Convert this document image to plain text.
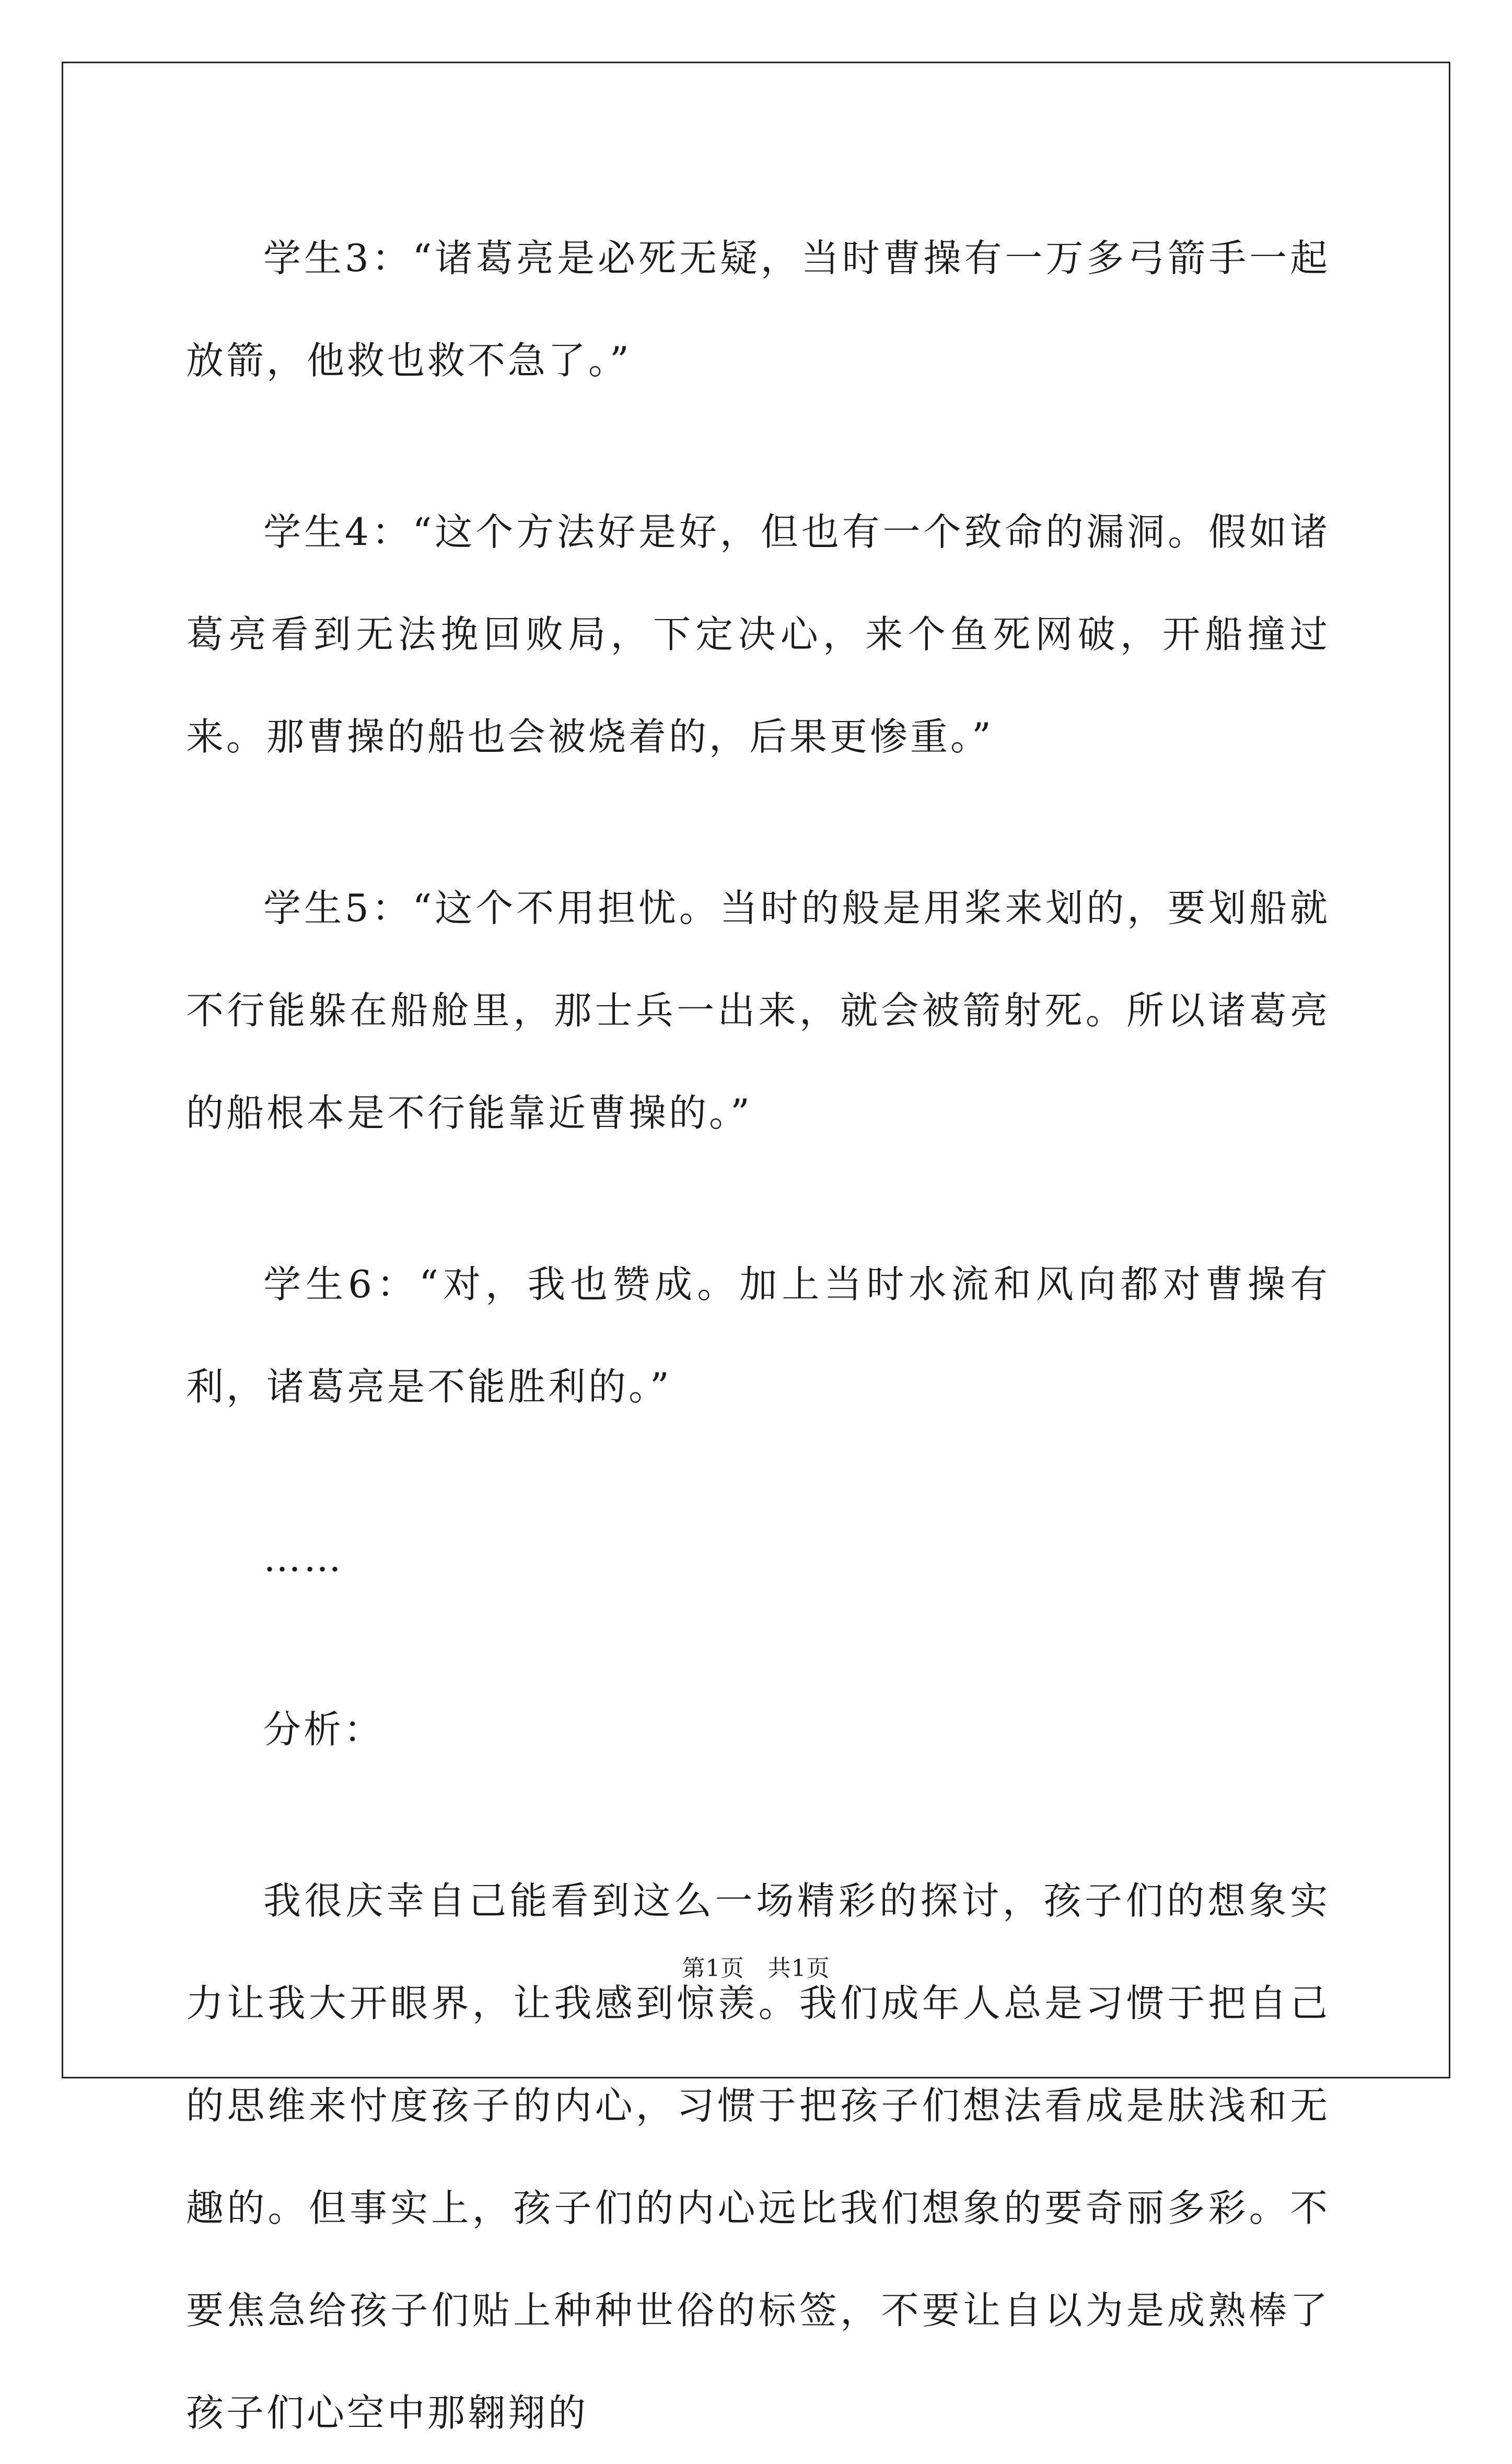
学生3：“诸葛亮是必死无疑，当时曹操有一万多弓箭手一起放箭，他救也救不急了。”

学生4：“这个方法好是好，但也有一个致命的漏洞。假如诸葛亮看到无法挽回败局，下定决心，来个鱼死网破，开船撞过来。那曹操的船也会被烧着的，后果更惨重。”

学生5：“这个不用担忧。当时的般是用桨来划的，要划船就不行能躲在船舱里，那士兵一出来，就会被箭射死。所以诸葛亮的船根本是不行能靠近曹操的。”

学生6：“对，我也赞成。加上当时水流和风向都对曹操有利，诸葛亮是不能胜利的。”

……

分析：

我很庆幸自己能看到这么一场精彩的探讨，孩子们的想象实力让我大开眼界，让我感到惊羡。我们成年人总是习惯于把自己的思维来忖度孩子的内心，习惯于把孩子们想法看成是肤浅和无趣的。但事实上，孩子们的内心远比我们想象的要奇丽多彩。不要焦急给孩子们贴上种种世俗的标签，不要让自以为是成熟棒了孩子们心空中那翱翔的

第1页　共1页
